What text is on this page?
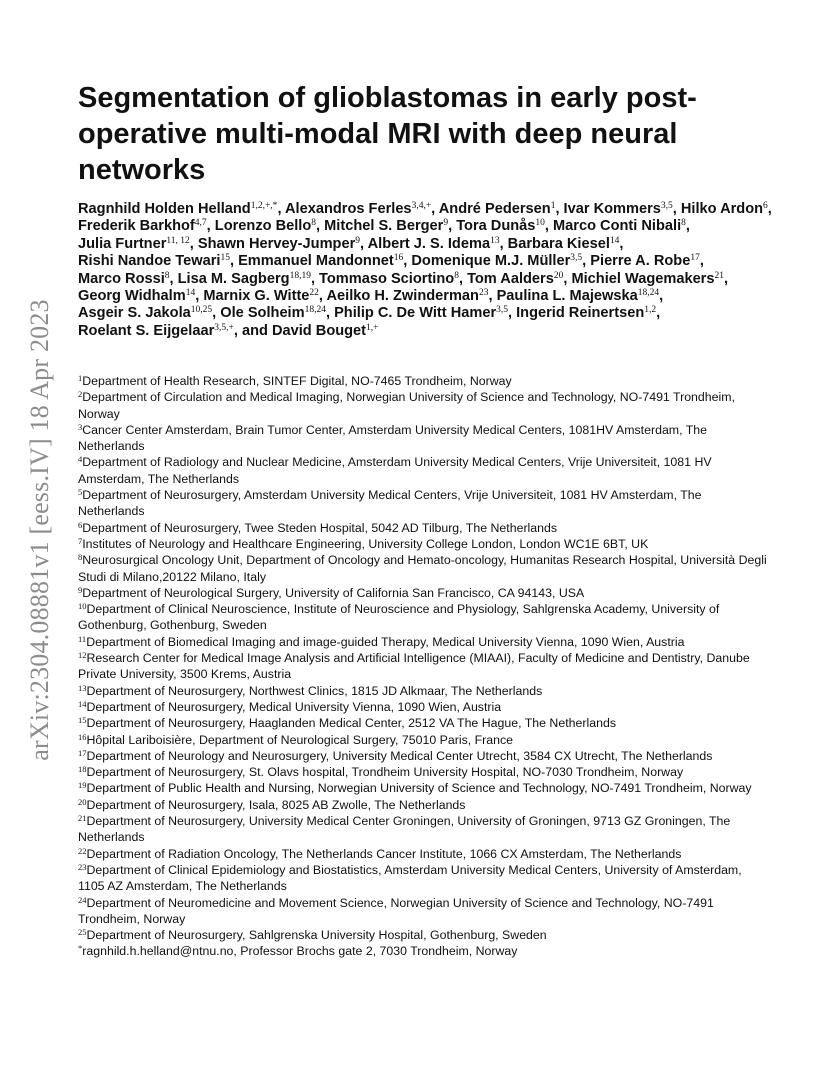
arXiv:2304.08881v1 [eess.IV] 18 Apr 2023
Segmentation of glioblastomas in early post-operative multi-modal MRI with deep neural networks

Ragnhild Holden Helland$^{1,2,+,*}$, Alexandros Ferles$^{3,4,+}$, André Pedersen$^1$, Ivar Kommers$^{3,5}$, Hilko Ardon$^6$, Frederik Barkhof$^{4,7}$, Lorenzo Bello$^8$, Mitchel S. Berger$^9$, Tora Dunås$^{10}$, Marco Conti Nibali$^8$, Julia Furtner$^{11, 12}$, Shawn Hervey-Jumper$^9$, Albert J. S. Idema$^{13}$, Barbara Kiesel$^{14}$, Rishi Nandoe Tewari$^{15}$, Emmanuel Mandonnet$^{16}$, Domenique M.J. Müller$^{3,5}$, Pierre A. Robe$^{17}$, Marco Rossi$^8$, Lisa M. Sagberg$^{18,19}$, Tommaso Sciortino$^8$, Tom Aalders$^{20}$, Michiel Wagemakers$^{21}$, Georg Widhalm$^{14}$, Marnix G. Witte$^{22}$, Aeilko H. Zwinderman$^{23}$, Paulina L. Majewska$^{18,24}$, Asgeir S. Jakola$^{10,25}$, Ole Solheim$^{18,24}$, Philip C. De Witt Hamer$^{3,5}$, Ingerid Reinertsen$^{1,2}$, Roelant S. Eijgelaar$^{3,5,+}$, and David Bouget$^{1,+}$

$^1$Department of Health Research, SINTEF Digital, NO-7465 Trondheim, Norway
$^2$Department of Circulation and Medical Imaging, Norwegian University of Science and Technology, NO-7491 Trondheim, Norway
$^3$Cancer Center Amsterdam, Brain Tumor Center, Amsterdam University Medical Centers, 1081HV Amsterdam, The Netherlands
$^4$Department of Radiology and Nuclear Medicine, Amsterdam University Medical Centers, Vrije Universiteit, 1081 HV Amsterdam, The Netherlands
$^5$Department of Neurosurgery, Amsterdam University Medical Centers, Vrije Universiteit, 1081 HV Amsterdam, The Netherlands
$^6$Department of Neurosurgery, Twee Steden Hospital, 5042 AD Tilburg, The Netherlands
$^7$Institutes of Neurology and Healthcare Engineering, University College London, London WC1E 6BT, UK
$^8$Neurosurgical Oncology Unit, Department of Oncology and Hemato-oncology, Humanitas Research Hospital, Università Degli Studi di Milano,20122 Milano, Italy
$^9$Department of Neurological Surgery, University of California San Francisco, CA 94143, USA
$^{10}$Department of Clinical Neuroscience, Institute of Neuroscience and Physiology, Sahlgrenska Academy, University of Gothenburg, Gothenburg, Sweden
$^{11}$Department of Biomedical Imaging and image-guided Therapy, Medical University Vienna, 1090 Wien, Austria
$^{12}$Research Center for Medical Image Analysis and Artificial Intelligence (MIAAI), Faculty of Medicine and Dentistry, Danube Private University, 3500 Krems, Austria
$^{13}$Department of Neurosurgery, Northwest Clinics, 1815 JD Alkmaar, The Netherlands
$^{14}$Department of Neurosurgery, Medical University Vienna, 1090 Wien, Austria
$^{15}$Department of Neurosurgery, Haaglanden Medical Center, 2512 VA The Hague, The Netherlands
$^{16}$Hôpital Lariboisière, Department of Neurological Surgery, 75010 Paris, France
$^{17}$Department of Neurology and Neurosurgery, University Medical Center Utrecht, 3584 CX Utrecht, The Netherlands
$^{18}$Department of Neurosurgery, St. Olavs hospital, Trondheim University Hospital, NO-7030 Trondheim, Norway
$^{19}$Department of Public Health and Nursing, Norwegian University of Science and Technology, NO-7491 Trondheim, Norway
$^{20}$Department of Neurosurgery, Isala, 8025 AB Zwolle, The Netherlands
$^{21}$Department of Neurosurgery, University Medical Center Groningen, University of Groningen, 9713 GZ Groningen, The Netherlands
$^{22}$Department of Radiation Oncology, The Netherlands Cancer Institute, 1066 CX Amsterdam, The Netherlands
$^{23}$Department of Clinical Epidemiology and Biostatistics, Amsterdam University Medical Centers, University of Amsterdam, 1105 AZ Amsterdam, The Netherlands
$^{24}$Department of Neuromedicine and Movement Science, Norwegian University of Science and Technology, NO-7491 Trondheim, Norway
$^{25}$Department of Neurosurgery, Sahlgrenska University Hospital, Gothenburg, Sweden
*ragnhild.h.helland@ntnu.no, Professor Brochs gate 2, 7030 Trondheim, Norway
